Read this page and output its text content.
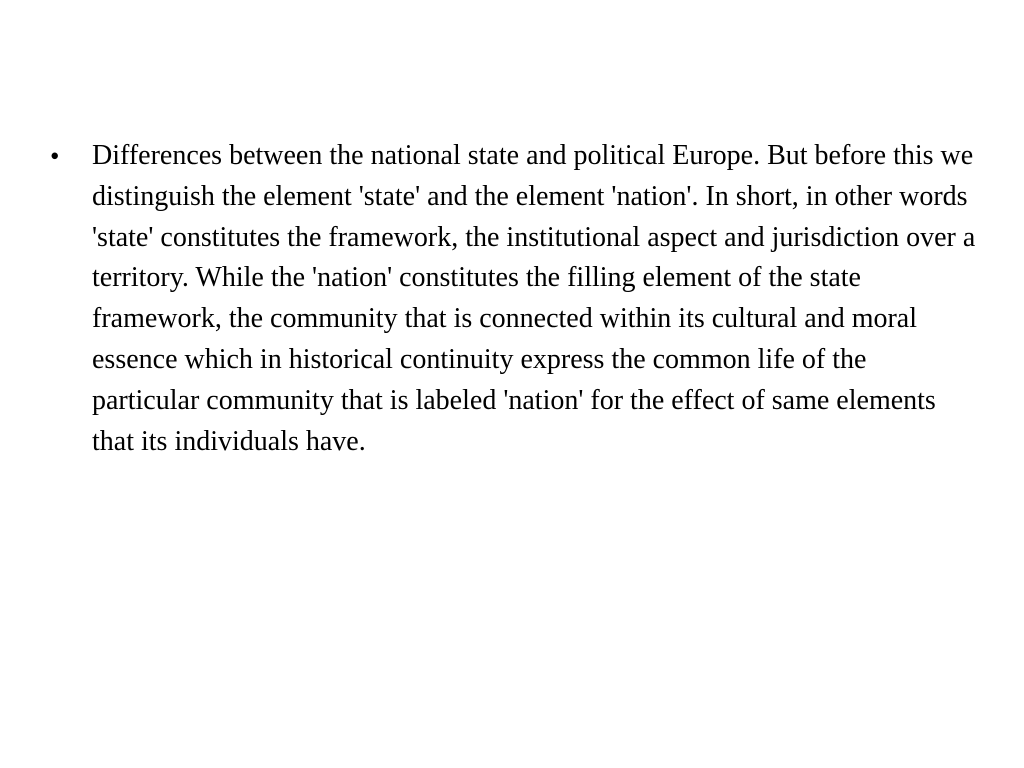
•	Differences between the national state and political Europe. But before this we distinguish the element 'state' and the element 'nation'. In short, in other words 'state' constitutes the framework, the institutional aspect and jurisdiction over a territory. While the 'nation' constitutes the filling element of the state framework, the community that is connected within its cultural and moral essence which in historical continuity express the common life of the particular community that is labeled 'nation' for the effect of same elements that its individuals have.
